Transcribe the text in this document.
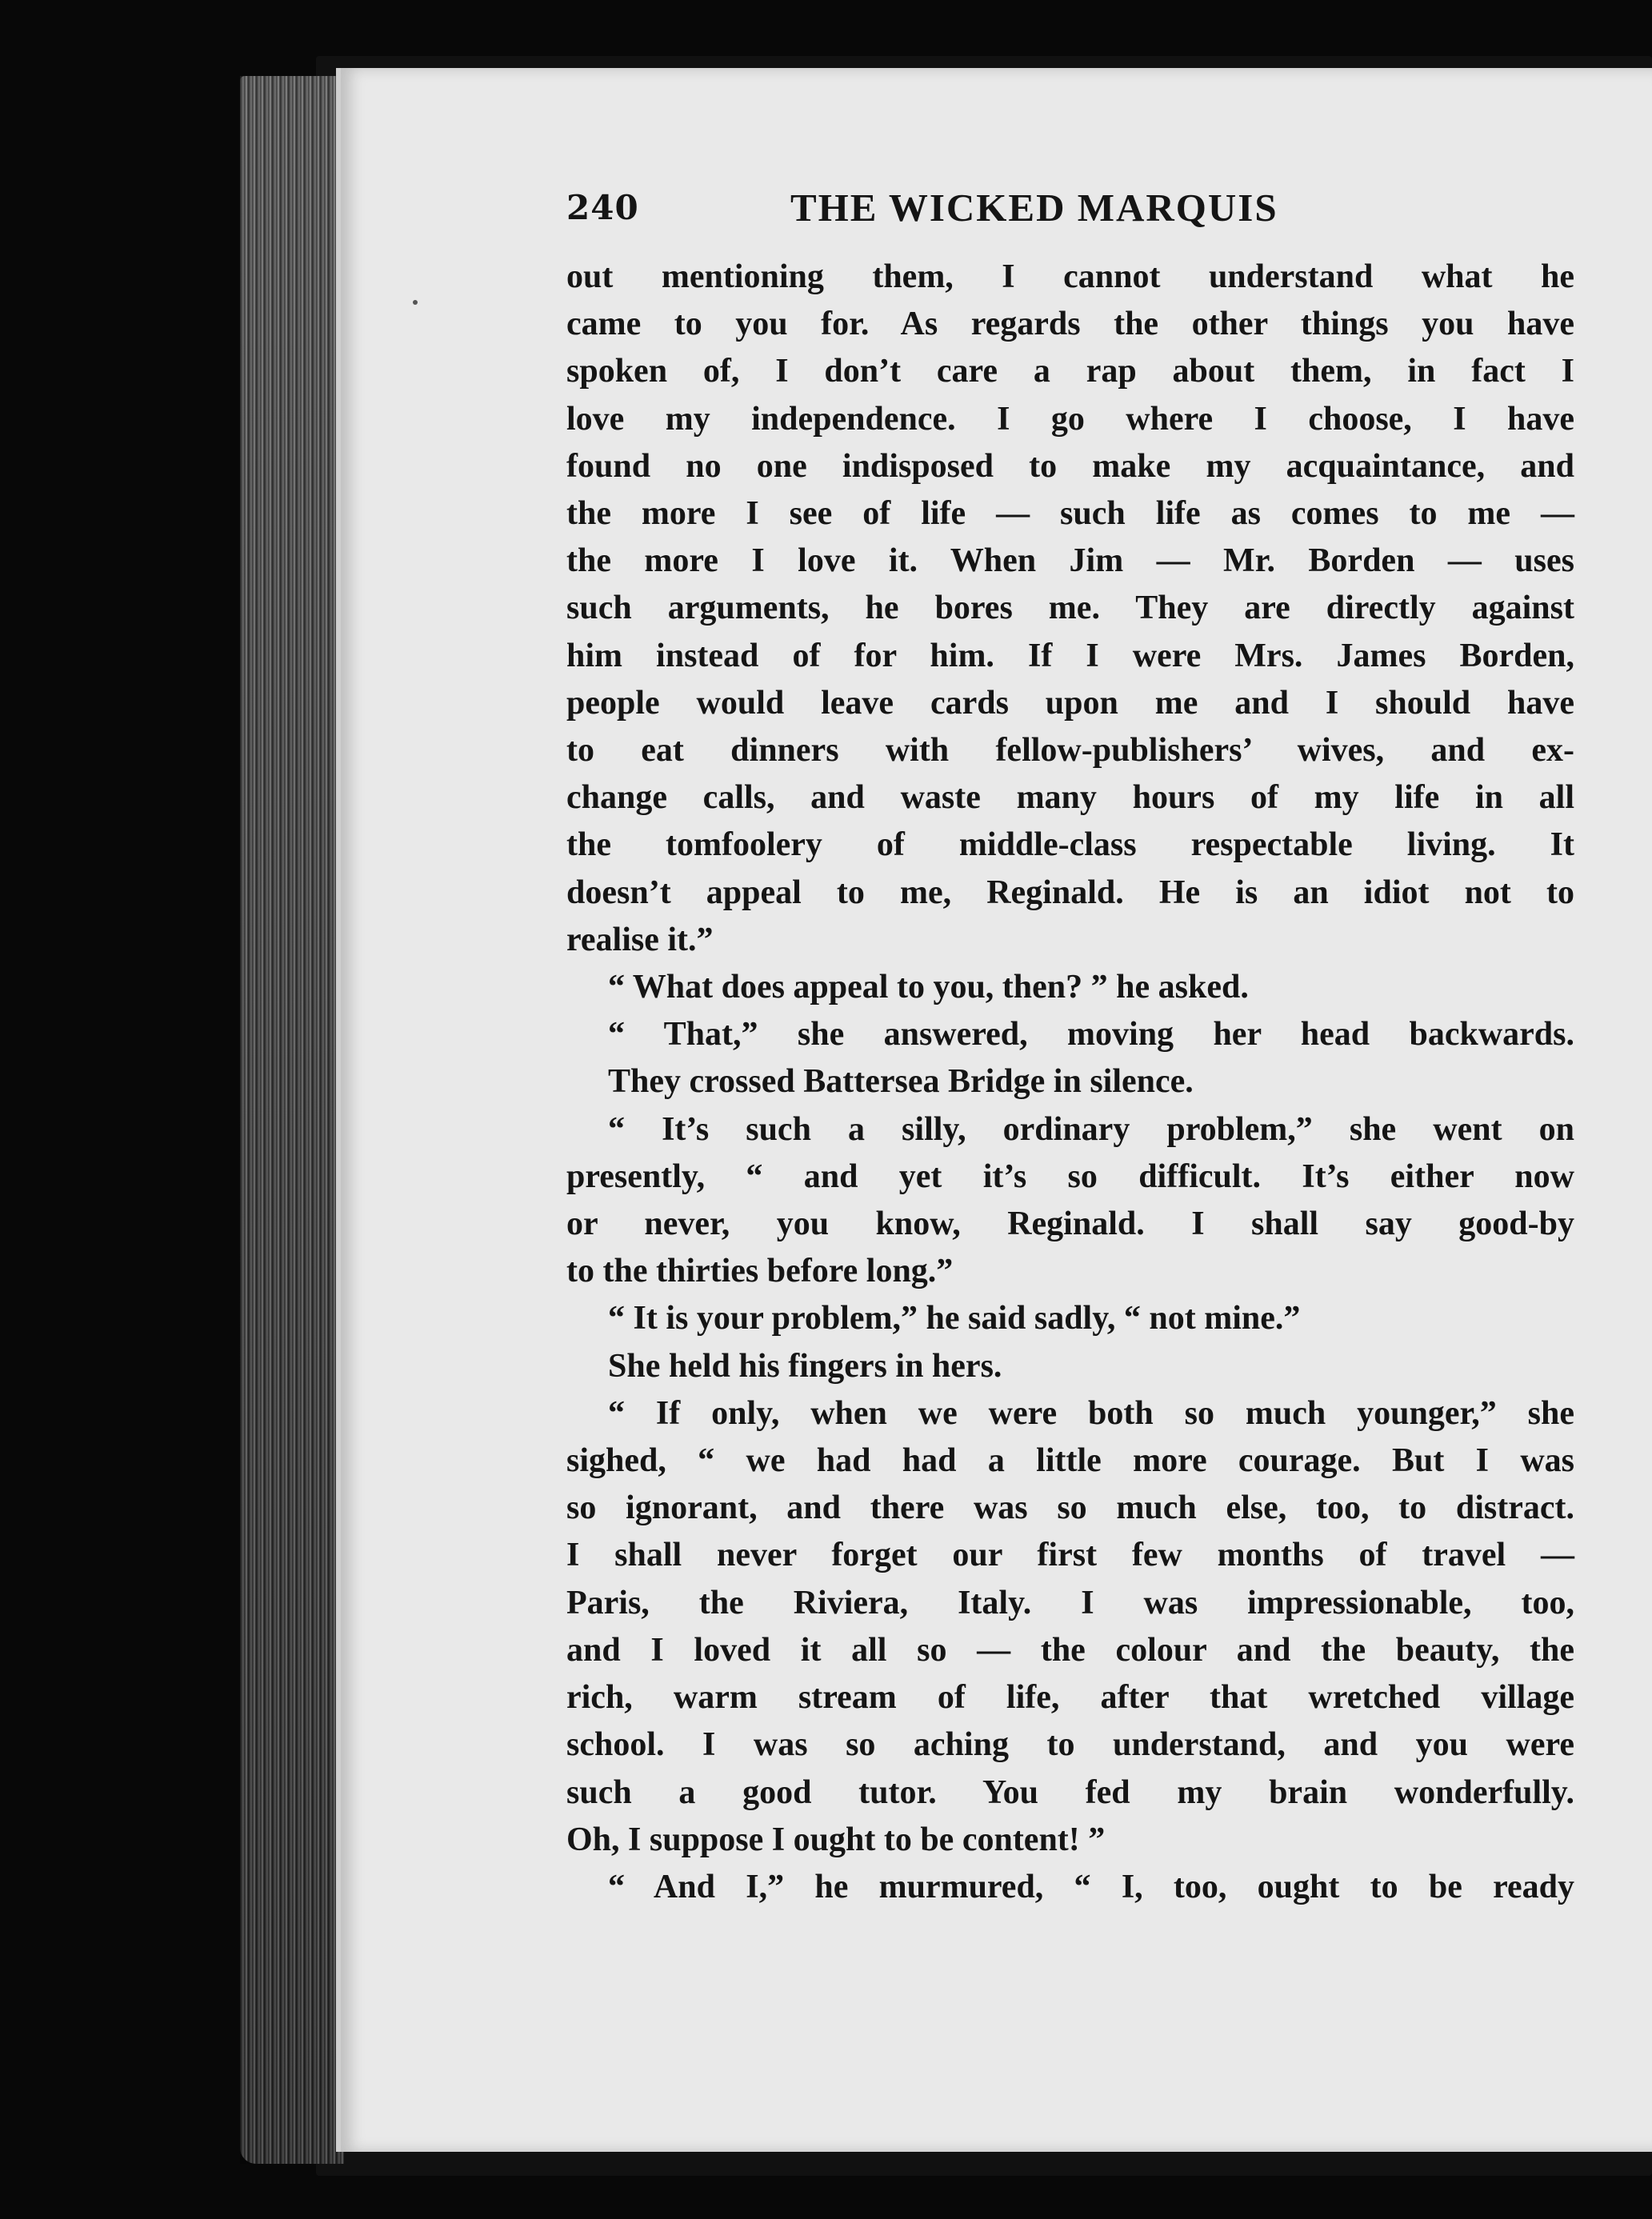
240	THE WICKED MARQUIS
out mentioning them, I cannot understand what he
came to you for. As regards the other things you have
spoken of, I don’t care a rap about them, in fact I
love my independence. I go where I choose, I have
found no one indisposed to make my acquaintance, and
the more I see of life — such life as comes to me —
the more I love it. When Jim — Mr. Borden — uses
such arguments, he bores me. They are directly against
him instead of for him. If I were Mrs. James Borden,
people would leave cards upon me and I should have
to eat dinners with fellow-publishers’ wives, and ex-
change calls, and waste many hours of my life in all
the tomfoolery of middle-class respectable living. It
doesn’t appeal to me, Reginald. He is an idiot not to
realise it.”
“ What does appeal to you, then? ” he asked.
“ That,” she answered, moving her head backwards.
They crossed Battersea Bridge in silence.
“ It’s such a silly, ordinary problem,” she went on
presently, “ and yet it’s so difficult. It’s either now
or never, you know, Reginald. I shall say good-by
to the thirties before long.”
“ It is your problem,” he said sadly, “ not mine.”
She held his fingers in hers.
“ If only, when we were both so much younger,” she
sighed, “ we had had a little more courage. But I was
so ignorant, and there was so much else, too, to distract.
I shall never forget our first few months of travel —
Paris, the Riviera, Italy. I was impressionable, too,
and I loved it all so — the colour and the beauty, the
rich, warm stream of life, after that wretched village
school. I was so aching to understand, and you were
such a good tutor. You fed my brain wonderfully.
Oh, I suppose I ought to be content! ”
“ And I,” he murmured, “ I, too, ought to be ready
